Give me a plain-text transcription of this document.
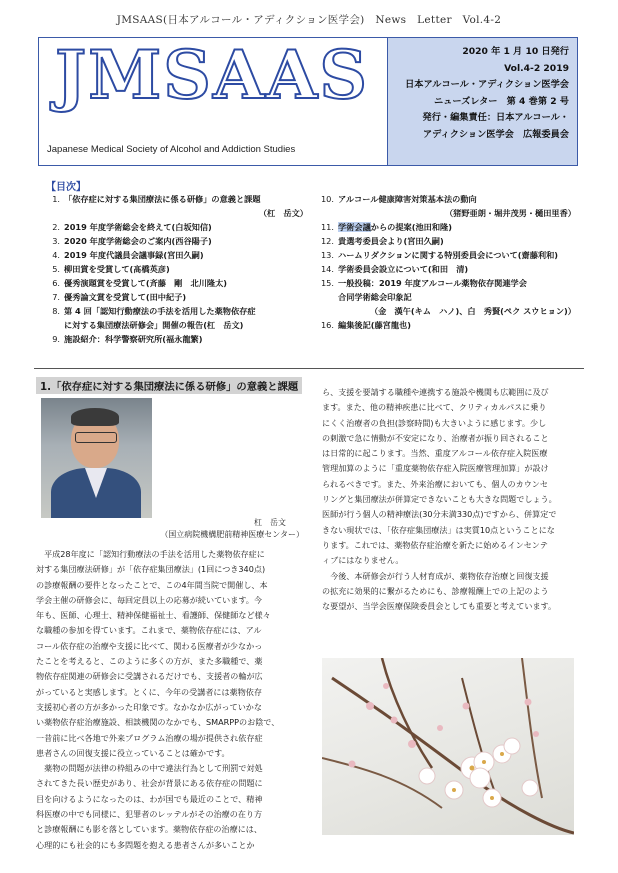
JMSAAS(日本アルコール・アディクション医学会)　News　Letter　Vol.4-2
JMSAAS
Japanese Medical Society of Alcohol and Addiction Studies
2020 年 1 月 10 日発行
Vol.4-2 2019
日本アルコール・アディクション医学会
ニューズレター　第 4 巻第 2 号
発行・編集責任：日本アルコール・
アディクション医学会　広報委員会
【目次】
1. 「依存症に対する集団療法に係る研修」の意義と課題
（杠　岳文）
2. 2019 年度学術総会を終えて(白坂知信)
3. 2020 年度学術総会のご案内(西谷陽子)
4. 2019 年度代議員会議事録(宮田久嗣)
5. 柳田賞を受賞して(髙橋英彦)
6. 優秀演題賞を受賞して(斉藤　剛　北川隆太)
7. 優秀論文賞を受賞して(田中紀子)
8. 第 4 回「認知行動療法の手法を活用した薬物依存症
に対する集団療法研修会」開催の報告(杠　岳文)
9. 施設紹介：科学警察研究所(福永龍繁)
10. アルコール健康障害対策基本法の動向
（猪野亜朗・堀井茂男・樋田里香）
11. 学術会議からの提案(池田和隆)
12. 貴選考委員会より(宮田久嗣)
13. ハームリダクションに関する特別委員会について(齋藤利和)
14. 学術委員会設立について(和田　清)
15. 一般投稿：2019 年度アルコール薬物依存関連学会
合同学術総会印象記
（金　漢午(キム　ハノ)、白　秀賢(ペク スウヒョン)）
16. 編集後記(藤宮龍也)
1.「依存症に対する集団療法に係る研修」の意義と課題
杠　岳文
（国立病院機構肥前精神医療センター）
　平成28年度に「認知行動療法の手法を活用した薬物依存症に
対する集団療法研修」が「依存症集団療法」(1回につき340点)
の診療報酬の要件となったことで、この4年間当院で開催し、本
学会主催の研修会に、毎回定員以上の応募が続いています。今
年も、医師、心理士、精神保健福祉士、看護師、保健師など様々
な職種の参加を得ています。これまで、薬物依存症には、アル
コール依存症の治療や支援に比べて、関わる医療者が少なかっ
たことを考えると、このように多くの方が、また多職種で、薬
物依存症関連の研修会に受講されるだけでも、支援者の輪が広
がっていると実感します。とくに、今年の受講者には薬物依存
支援初心者の方が多かった印象です。なかなか広がっていかな
い薬物依存症治療施設、相談機関のなかでも、SMARPPのお陰で、
一昔前に比べ各地で外来プログラム治療の場が提供され依存症
患者さんの回復支援に役立っていることは確かです。
　薬物の問題が法律の枠組みの中で違法行為として刑罰で対処
されてきた長い歴史があり、社会が背景にある依存症の問題に
目を向けるようになったのは、わが国でも最近のことで、精神
科医療の中でも同様に、犯罪者のレッテルがその治療の在り方
と診療報酬にも影を落としています。薬物依存症の治療には、
心理的にも社会的にも多問題を抱える患者さんが多いことか
ら、支援を要請する職種や連携する施設や機関も広範囲に及び
ます。また、他の精神疾患に比べて、クリティカルパスに乗り
にくく治療者の負担(診察時間)も大きいように感じます。少し
の刺激で急に情動が不安定になり、治療者が振り回されること
は日常的に起こります。当然、重度アルコール依存症入院医療
管理加算のように「重度薬物依存症入院医療管理加算」が設け
られるべきです。また、外来治療においても、個人のカウンセ
リングと集団療法が併算定できないことも大きな問題でしょう。
医師が行う個人の精神療法(30分未満330点)ですから、併算定で
きない現状では、「依存症集団療法」は実質10点ということにな
ります。これでは、薬物依存症治療を新たに始めるインセンテ
ィブにはなりません。
　今後、本研修会が行う人材育成が、薬物依存治療と回復支援
の拡充に効果的に繋がるためにも、診療報酬上での上記のよう
な要望が、当学会医療保険委員会としても重要と考えています。
